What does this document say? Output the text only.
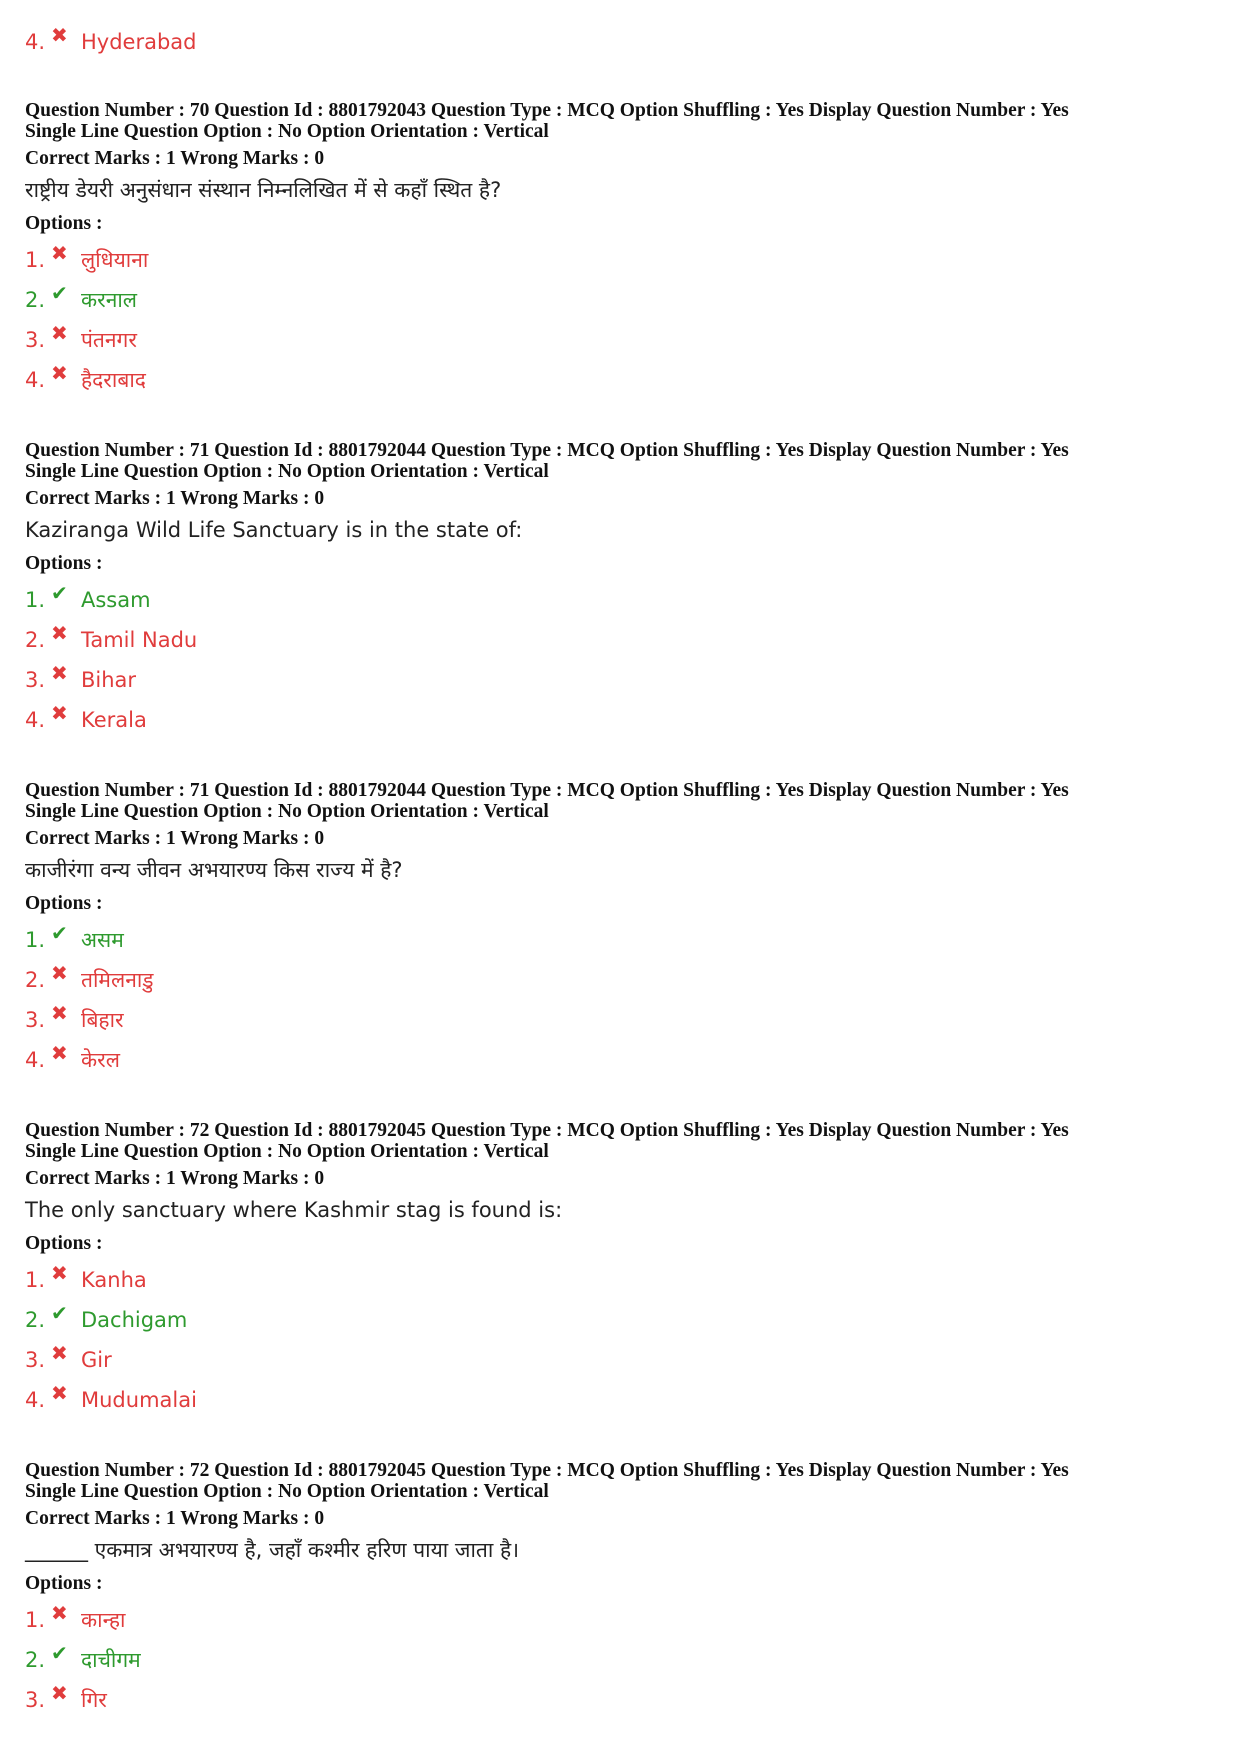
4. ✖ Hyderabad
Question Number : 70 Question Id : 8801792043 Question Type : MCQ Option Shuffling : Yes Display Question Number : Yes
Single Line Question Option : No Option Orientation : Vertical
Correct Marks : 1 Wrong Marks : 0
राष्ट्रीय डेयरी अनुसंधान संस्थान निम्नलिखित में से कहाँ स्थित है?
Options :
1. ✖ लुधियाना
2. ✔ करनाल
3. ✖ पंतनगर
4. ✖ हैदराबाद
Question Number : 71 Question Id : 8801792044 Question Type : MCQ Option Shuffling : Yes Display Question Number : Yes
Single Line Question Option : No Option Orientation : Vertical
Correct Marks : 1 Wrong Marks : 0
Kaziranga Wild Life Sanctuary is in the state of:
Options :
1. ✔ Assam
2. ✖ Tamil Nadu
3. ✖ Bihar
4. ✖ Kerala
Question Number : 71 Question Id : 8801792044 Question Type : MCQ Option Shuffling : Yes Display Question Number : Yes
Single Line Question Option : No Option Orientation : Vertical
Correct Marks : 1 Wrong Marks : 0
काजीरंगा वन्य जीवन अभयारण्य किस राज्य में है?
Options :
1. ✔ असम
2. ✖ तमिलनाडु
3. ✖ बिहार
4. ✖ केरल
Question Number : 72 Question Id : 8801792045 Question Type : MCQ Option Shuffling : Yes Display Question Number : Yes
Single Line Question Option : No Option Orientation : Vertical
Correct Marks : 1 Wrong Marks : 0
The only sanctuary where Kashmir stag is found is:
Options :
1. ✖ Kanha
2. ✔ Dachigam
3. ✖ Gir
4. ✖ Mudumalai
Question Number : 72 Question Id : 8801792045 Question Type : MCQ Option Shuffling : Yes Display Question Number : Yes
Single Line Question Option : No Option Orientation : Vertical
Correct Marks : 1 Wrong Marks : 0
______ एकमात्र अभयारण्य है, जहाँ कश्मीर हरिण पाया जाता है।
Options :
1. ✖ कान्हा
2. ✔ दाचीगम
3. ✖ गिर
